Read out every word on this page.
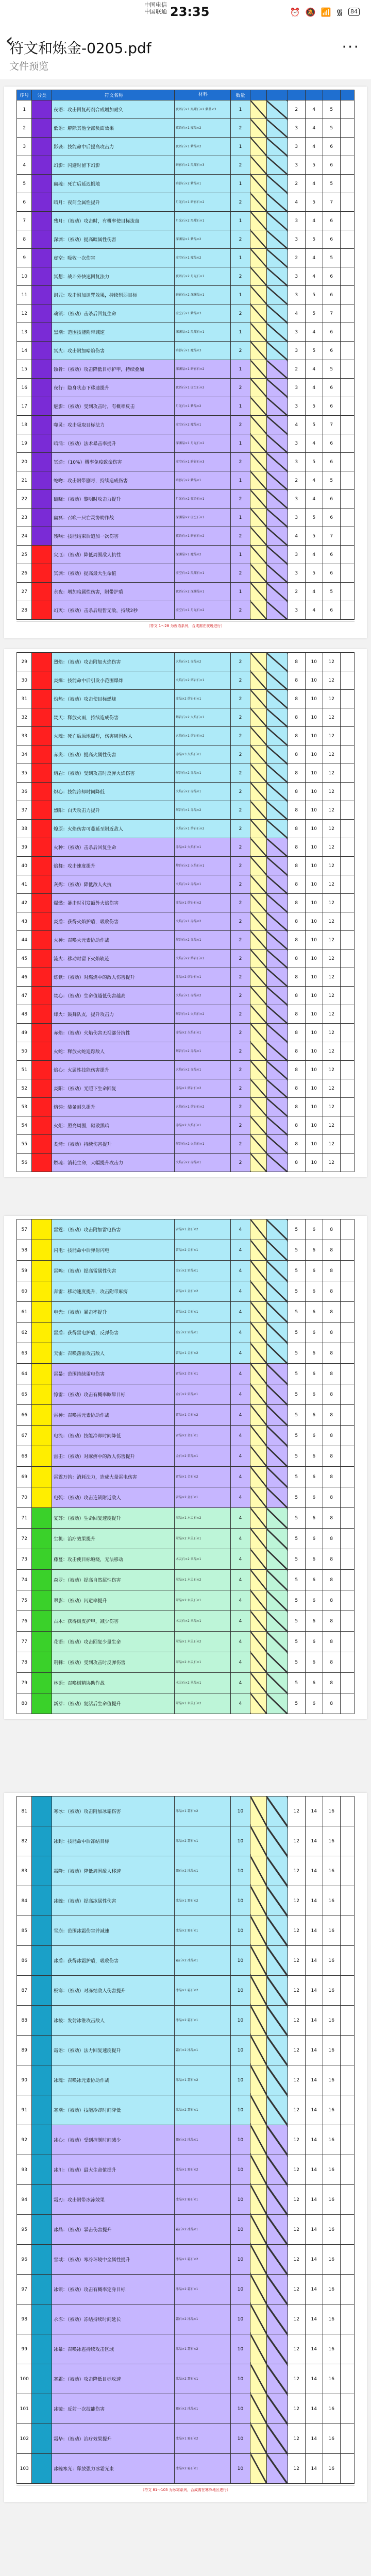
中国电信
中国联通 23:35	⏰ 🔕 📶 ᯾	84
‹
符文和炼金-0205.pdf
文件预览
···
序号	分类	符文名称	材料	数量						
1		夜语：攻击回复药剂合成增加耐久	夜语石×1 黑曜石×2 紫晶×3	1			2	4	5	
2		低语：解除其他全部负面效果	夜语石×1 魔晶×2	2			3	4	5	
3		影袭：技能命中后提高攻击力	夜语石×1 紫晶×2	1			3	4	6	
4		幻影：闪避时留下幻影	暗影石×1 黑曜石×3	2			3	5	6	
5		幽魂：死亡后延迟倒地	暗影石×2 紫晶×1	1			2	4	5	
6		暗月：夜间全属性提升	月光石×1 暗影石×2	2			4	5	7	
7		残月：（被动）攻击时，有概率使目标流血	月光石×2 黑曜石×1	1			3	4	6	
8		深渊：（被动）提高暗属性伤害	深渊晶×1 紫晶×2	2			3	5	6	
9		虚空：吸收一次伤害	虚空石×1 魔晶×2	1			2	4	5	
10		冥想：战斗外快速回复法力	夜语石×2 月光石×1	2			3	4	6	
11		诅咒：攻击附加诅咒效果，持续削弱目标	暗影石×2 深渊晶×1	1			3	5	6	
12		魂锁：（被动）击杀后回复生命	虚空石×1 紫晶×3	2			4	5	7	
13		黑潮：范围技能附带减速	深渊晶×2 黑曜石×1	1			3	4	6	
14		冥火：攻击附加暗焰伤害	暗影石×1 魔晶×3	2			3	5	6	
15		蚀骨：（被动）攻击降低目标护甲，持续叠加	深渊晶×1 暗影石×2	1			2	4	5	
16		夜行：隐身状态下移速提升	夜语石×1 虚空石×2	2			3	4	6	
17		魅影：（被动）受到攻击时，有概率反击	月光石×1 紫晶×2	1			3	5	6	
18		噬灵：攻击吸取目标法力	虚空石×2 魔晶×1	2			4	5	7	
19		暗涌：（被动）法术暴击率提升	深渊晶×1 月光石×2	1			3	4	6	
20		冥途：（10%）概率免疫致命伤害	虚空石×1 暗影石×3	2			3	5	6	
21		蛇吻：攻击附带剧毒，持续造成伤害	暗影石×2 紫晶×1	1			2	4	5	
22		破晓：（被动）黎明时攻击力提升	月光石×2 夜语石×1	2			3	4	6	
23		幽冥：召唤一只亡灵协助作战	深渊晶×2 虚空石×1	1			3	5	6	
24		残响：技能结束后追加一次伤害	夜语石×1 暗影石×2	2			4	5	7	
25		灾厄：（被动）降低周围敌人抗性	深渊晶×1 魔晶×2	1			3	4	6	
26		冥渊：（被动）提高最大生命值	虚空石×2 黑曜石×1	2			3	5	6	
27		永夜：增加暗属性伤害，附带护盾	夜语石×2 深渊晶×1	1			2	4	5	
28		幻灭：（被动）击杀后短暂无敌，持续2秒	虚空石×1 月光石×2	2			3	4	6	
（符文 1～28 为夜语系列，合成需在夜晚进行）
29		烈焰：（被动）攻击附加火焰伤害	火焰石×1 赤晶×2	2			8	10	12	
30		炎爆：技能命中后引发小范围爆炸	火焰石×2 熔岩石×1	2			8	10	12	
31		灼热：（被动）攻击使目标燃烧	赤晶×2 熔岩石×1	2			8	10	12	
32		焚天：释放火雨，持续造成伤害	熔岩石×2 火焰石×1	2			8	10	12	
33		火魂：死亡后原地爆炸，伤害周围敌人	火焰石×1 熔岩石×2	2			8	10	12	
34		赤炎：（被动）提高火属性伤害	赤晶×3 火焰石×1	2			8	10	12	
35		熔岩：（被动）受到攻击时反弹火焰伤害	熔岩石×2 赤晶×1	2			8	10	12	
36		炽心：技能冷却时间降低	火焰石×2 赤晶×1	2			8	10	12	
37		烈阳：白天攻击力提升	熔岩石×1 赤晶×2	2			8	10	12	
38		燎原：火焰伤害可蔓延至附近敌人	火焰石×1 熔岩石×2	2			8	10	12	
39		火种：（被动）击杀后回复生命	赤晶×2 火焰石×1	2			8	10	12	
40		焰舞：攻击速度提升	熔岩石×2 火焰石×1	2			8	10	12	
41		灰烬：（被动）降低敌人火抗	火焰石×2 赤晶×1	2			8	10	12	
42		爆燃：暴击时引发额外火焰伤害	赤晶×1 熔岩石×2	2			8	10	12	
43		炎盾：获得火焰护盾，吸收伤害	火焰石×1 赤晶×2	2			8	10	12	
44		火神：召唤火元素协助作战	熔岩石×2 赤晶×1	2			8	10	12	
45		流火：移动时留下火焰轨迹	火焰石×2 熔岩石×1	2			8	10	12	
46		炼狱：（被动）对燃烧中的敌人伤害提升	赤晶×2 熔岩石×1	2			8	10	12	
47		焚心：（被动）生命值越低伤害越高	火焰石×1 赤晶×2	2			8	10	12	
48		烽火：鼓舞队友，提升攻击力	熔岩石×1 火焰石×2	2			8	10	12	
49		赤焰：（被动）火焰伤害无视部分抗性	赤晶×2 火焰石×1	2			8	10	12	
50		火蛇：释放火蛇追踪敌人	熔岩石×2 赤晶×1	2			8	10	12	
51		焰心：火属性技能伤害提升	火焰石×2 赤晶×1	2			8	10	12	
52		炎阳：（被动）光照下生命回复	赤晶×1 熔岩石×2	2			8	10	12	
53		熔铸：装备耐久提升	火焰石×1 熔岩石×2	2			8	10	12	
54		火炬：照亮周围，驱散黑暗	赤晶×2 火焰石×1	2			8	10	12	
55		炙烤：（被动）持续伤害提升	熔岩石×2 火焰石×1	2			8	10	12	
56		燃魂：消耗生命，大幅提升攻击力	火焰石×2 赤晶×1	2			8	10	12	
57		雷霆：（被动）攻击附加雷电伤害	雷晶×1 金石×2	4			5	6	8	
58		闪电：技能命中后弹射闪电	雷晶×2 金石×1	4			5	6	8	
59		雷鸣：（被动）提高雷属性伤害	金石×2 雷晶×1	4			5	6	8	
60		奔雷：移动速度提升，攻击附带麻痹	雷晶×1 金石×2	4			5	6	8	
61		电光：（被动）暴击率提升	雷晶×2 金石×1	4			5	6	8	
62		雷盾：获得雷电护盾，反弹伤害	金石×2 雷晶×1	4			5	6	8	
63		天雷：召唤落雷攻击敌人	雷晶×1 金石×2	4			5	6	8	
64		雷暴：范围持续雷电伤害	雷晶×2 金石×1	4			5	6	8	
65		惊雷：（被动）攻击有概率眩晕目标	金石×2 雷晶×1	4			5	6	8	
66		雷神：召唤雷元素协助作战	雷晶×1 金石×2	4			5	6	8	
67		电流：（被动）技能冷却时间降低	雷晶×2 金石×1	4			5	6	8	
68		雷击：（被动）对麻痹中的敌人伤害提升	金石×2 雷晶×1	4			5	6	8	
69		雷霆万钧：消耗法力，造成大量雷电伤害	雷晶×1 金石×2	4			5	6	8	
70		电弧：（被动）攻击连锁附近敌人	雷晶×2 金石×1	4			5	6	8	
71		复苏：（被动）生命回复速度提升	翠晶×1 木灵石×2	4			5	6	8	
72		生机：治疗效果提升	翠晶×2 木灵石×1	4			5	6	8	
73		藤蔓：攻击使目标缠绕，无法移动	木灵石×2 翠晶×1	4			5	6	8	
74		森罗：（被动）提高自然属性伤害	翠晶×1 木灵石×2	4			5	6	8	
75		翠影：（被动）闪避率提升	翠晶×2 木灵石×1	4			5	6	8	
76		古木：获得树皮护甲，减少伤害	木灵石×2 翠晶×1	4			5	6	8	
77		花语：（被动）攻击回复少量生命	翠晶×1 木灵石×2	4			5	6	8	
78		荆棘：（被动）受到攻击时反弹伤害	翠晶×2 木灵石×1	4			5	6	8	
79		林语：召唤树精协助作战	木灵石×2 翠晶×1	4			5	6	8	
80		新芽：（被动）复活后生命值提升	翠晶×1 木灵石×2	4			5	6	8	
81		寒冰：（被动）攻击附加冰霜伤害	冰晶×1 霜石×2	10			12	14	16	
82		冰封：技能命中后冻结目标	冰晶×2 霜石×1	10			12	14	16	
83		霜降：（被动）降低周围敌人移速	霜石×2 冰晶×1	10			12	14	16	
84		冰魄：（被动）提高冰属性伤害	冰晶×1 霜石×2	10			12	14	16	
85		雪崩：范围冰霜伤害并减速	冰晶×2 霜石×1	10			12	14	16	
86		冰盾：获得冰霜护盾，吸收伤害	霜石×2 冰晶×1	10			12	14	16	
87		极寒：（被动）对冻结敌人伤害提升	冰晶×1 霜石×2	10			12	14	16	
88		冰棱：发射冰锥攻击敌人	冰晶×2 霜石×1	10			12	14	16	
89		霜语：（被动）法力回复速度提升	霜石×2 冰晶×1	10			12	14	16	
90		冰魂：召唤冰元素协助作战	冰晶×1 霜石×2	10			12	14	16	
91		寒潮：（被动）技能冷却时间降低	冰晶×2 霜石×1	10			12	14	16	
92		冰心：（被动）受到控制时间减少	霜石×2 冰晶×1	10			12	14	16	
93		冰川：（被动）最大生命值提升	冰晶×1 霜石×2	10			12	14	16	
94		霜刃：攻击附带冰冻效果	冰晶×2 霜石×1	10			12	14	16	
95		冰晶：（被动）暴击伤害提升	霜石×2 冰晶×1	10			12	14	16	
96		雪域：（被动）寒冷环境中全属性提升	冰晶×1 霜石×2	10			12	14	16	
97		冰锁：（被动）攻击有概率定身目标	冰晶×2 霜石×1	10			12	14	16	
98		永冻：（被动）冻结持续时间延长	霜石×2 冰晶×1	10			12	14	16	
99		冰暴：召唤冰雹持续攻击区域	冰晶×1 霜石×2	10			12	14	16	
100		寒霜：（被动）攻击降低目标攻速	冰晶×2 霜石×1	10			12	14	16	
101		冰镜：反射一次技能伤害	霜石×2 冰晶×1	10			12	14	16	
102		霜华：（被动）治疗效果提升	冰晶×1 霜石×2	10			12	14	16	
103		冰魄寒光：释放强力冰霜光束	冰晶×2 霜石×1	10			12	14	16	
（符文 81～103 为冰霜系列，合成需在寒冷地区进行）
